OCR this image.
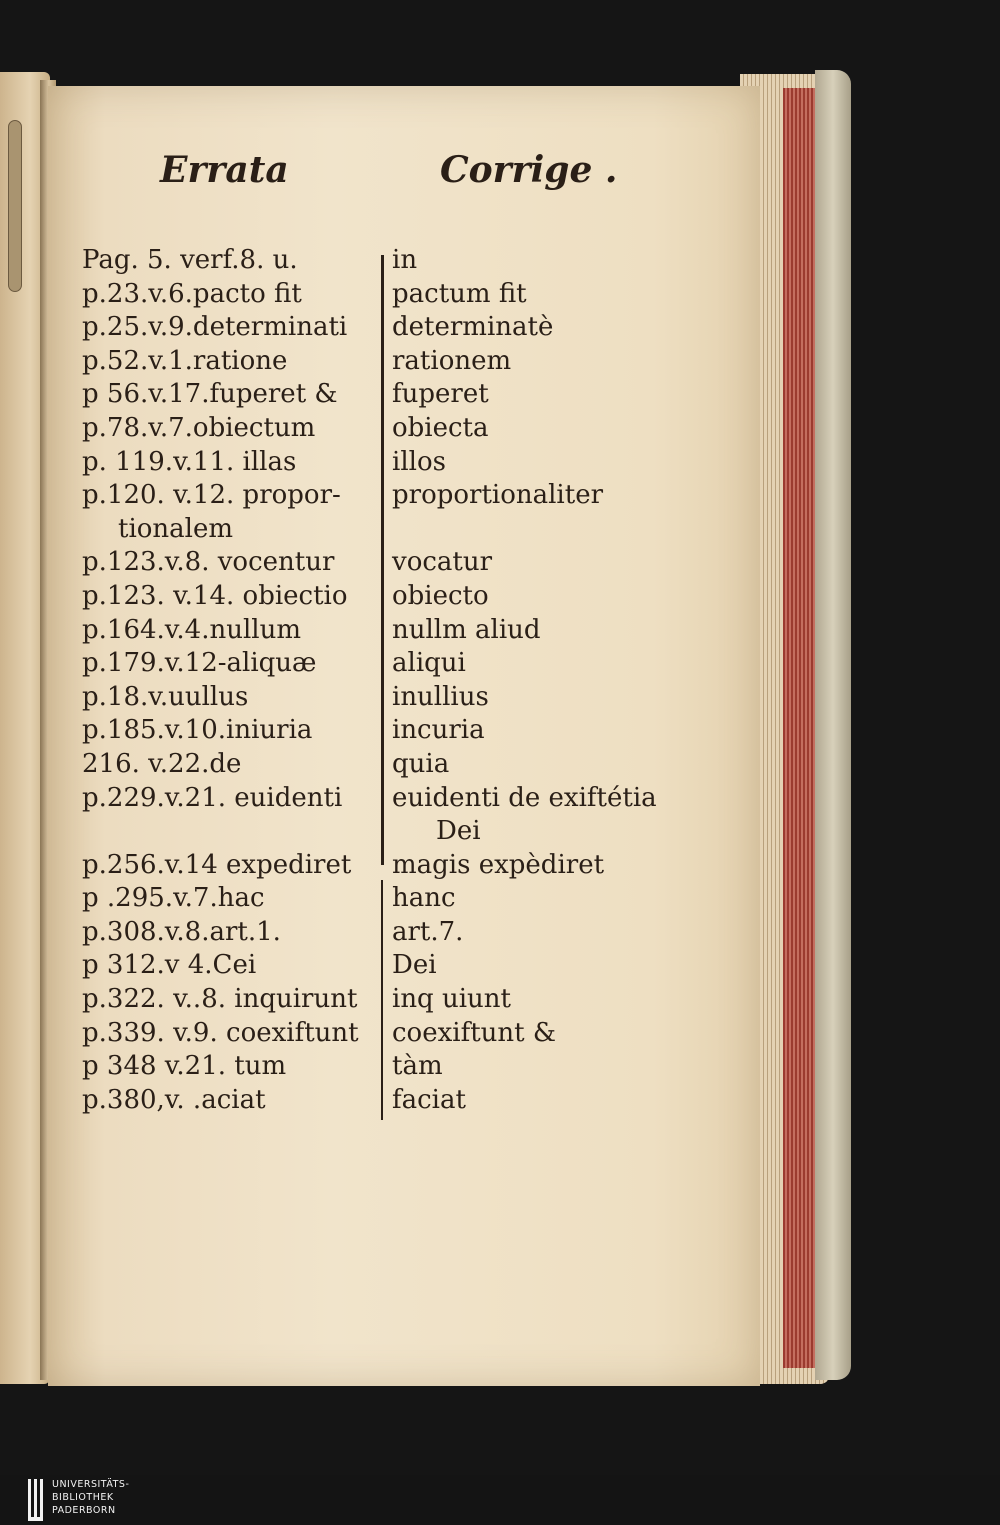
Errata	Corrige .
Pag. 5. verf.8. u.	in
p.23.v.6.pacto fit	pactum fit
p.25.v.9.determinati	determinatè
p.52.v.1.ratione	rationem
p 56.v.17.fuperet &	fuperet
p.78.v.7.obiectum	obiecta
p. 119.v.11. illas	illos
p.120. v.12. propor-	proportionaliter
tionalem
p.123.v.8. vocentur	vocatur
p.123. v.14. obiectio	obiecto
p.164.v.4.nullum	nullm aliud
p.179.v.12-aliquæ	aliqui
p.18.v.uullus	inullius
p.185.v.10.iniuria	incuria
216. v.22.de	quia
p.229.v.21. euidenti	euidenti de exiftétia
Dei
p.256.v.14 expediret	magis expèdiret
p .295.v.7.hac	hanc
p.308.v.8.art.1.	art.7.
p 312.v 4.Cei	Dei
p.322. v..8. inquirunt	inq uiunt
p.339. v.9. coexiftunt	coexiftunt &
p 348 v.21. tum	tàm
p.380,v. .aciat	faciat
UNIVERSITÄTS-
BIBLIOTHEK
PADERBORN
